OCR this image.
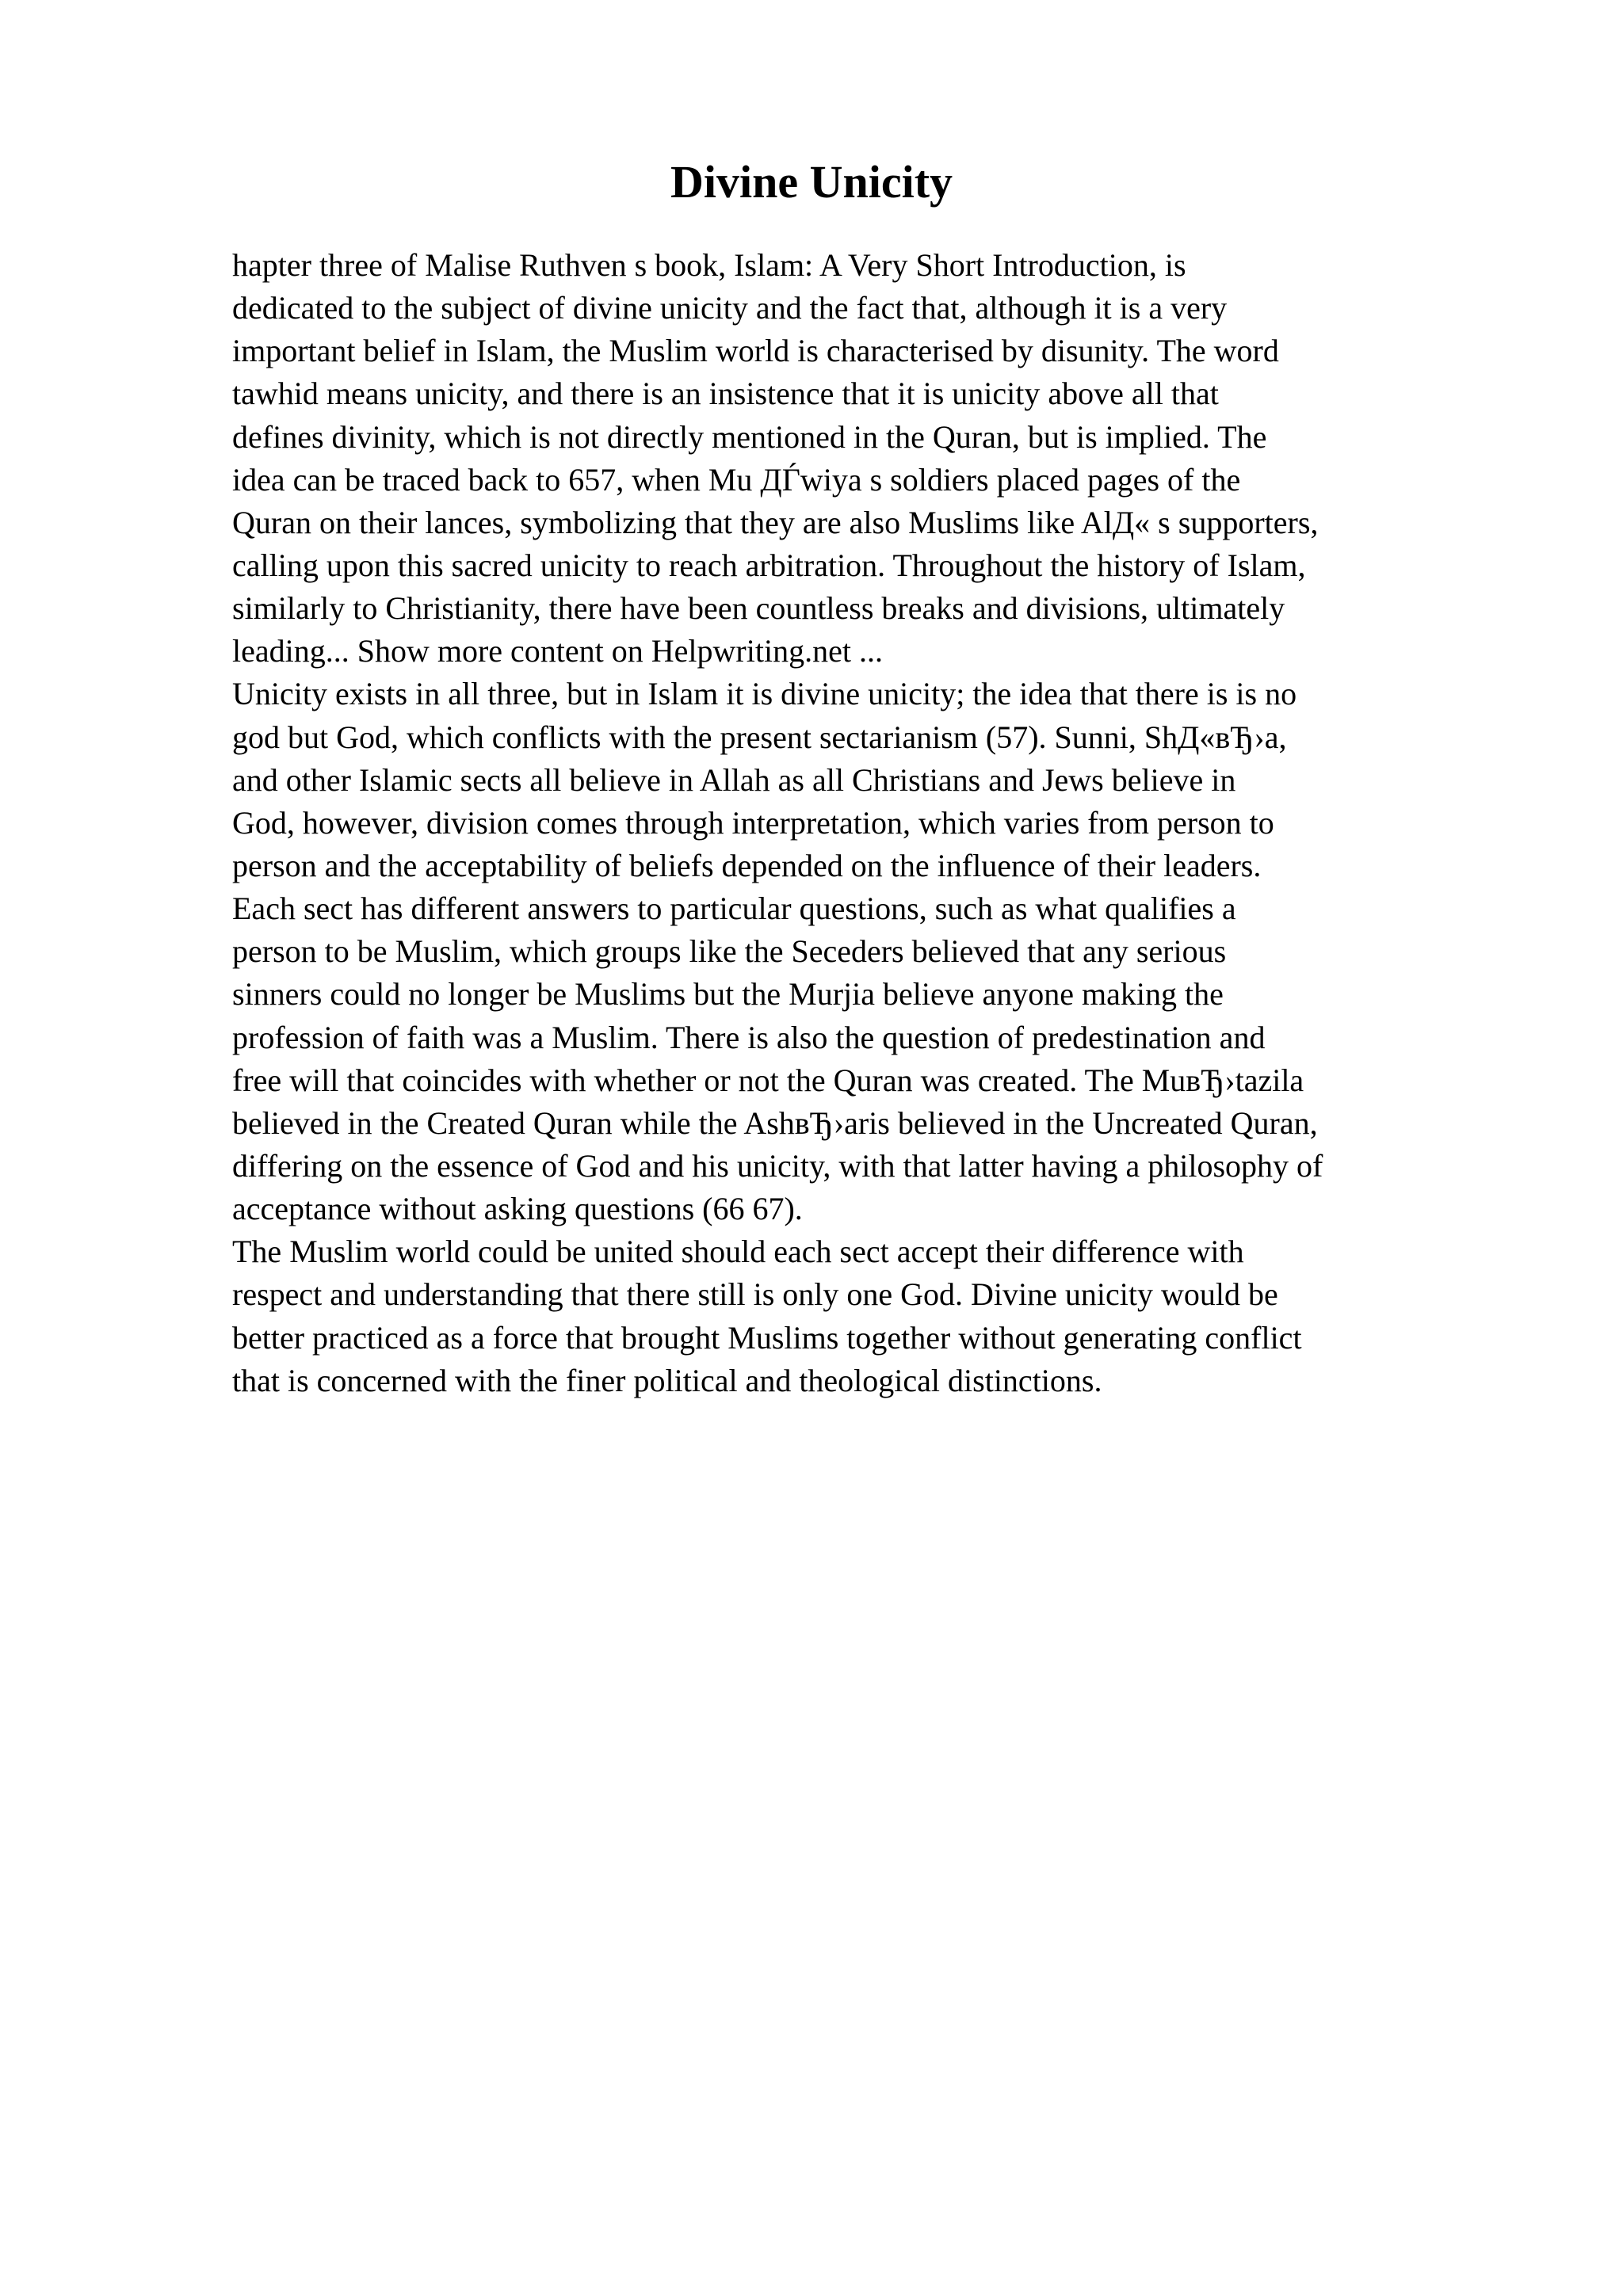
Divine Unicity
hapter three of Malise Ruthven s book, Islam: A Very Short Introduction, is
dedicated to the subject of divine unicity and the fact that, although it is a very
important belief in Islam, the Muslim world is characterised by disunity. The word
tawhid means unicity, and there is an insistence that it is unicity above all that
defines divinity, which is not directly mentioned in the Quran, but is implied. The
idea can be traced back to 657, when Mu ДЃwiya s soldiers placed pages of the
Quran on their lances, symbolizing that they are also Muslims like AlД« s supporters,
calling upon this sacred unicity to reach arbitration. Throughout the history of Islam,
similarly to Christianity, there have been countless breaks and divisions, ultimately
leading... Show more content on Helpwriting.net ...
Unicity exists in all three, but in Islam it is divine unicity; the idea that there is is no
god but God, which conflicts with the present sectarianism (57). Sunni, ShД«вЂ›a,
and other Islamic sects all believe in Allah as all Christians and Jews believe in
God, however, division comes through interpretation, which varies from person to
person and the acceptability of beliefs depended on the influence of their leaders.
Each sect has different answers to particular questions, such as what qualifies a
person to be Muslim, which groups like the Seceders believed that any serious
sinners could no longer be Muslims but the Murjia believe anyone making the
profession of faith was a Muslim. There is also the question of predestination and
free will that coincides with whether or not the Quran was created. The MuвЂ›tazila
believed in the Created Quran while the AshвЂ›aris believed in the Uncreated Quran,
differing on the essence of God and his unicity, with that latter having a philosophy of
acceptance without asking questions (66 67).
The Muslim world could be united should each sect accept their difference with
respect and understanding that there still is only one God. Divine unicity would be
better practiced as a force that brought Muslims together without generating conflict
that is concerned with the finer political and theological distinctions.
